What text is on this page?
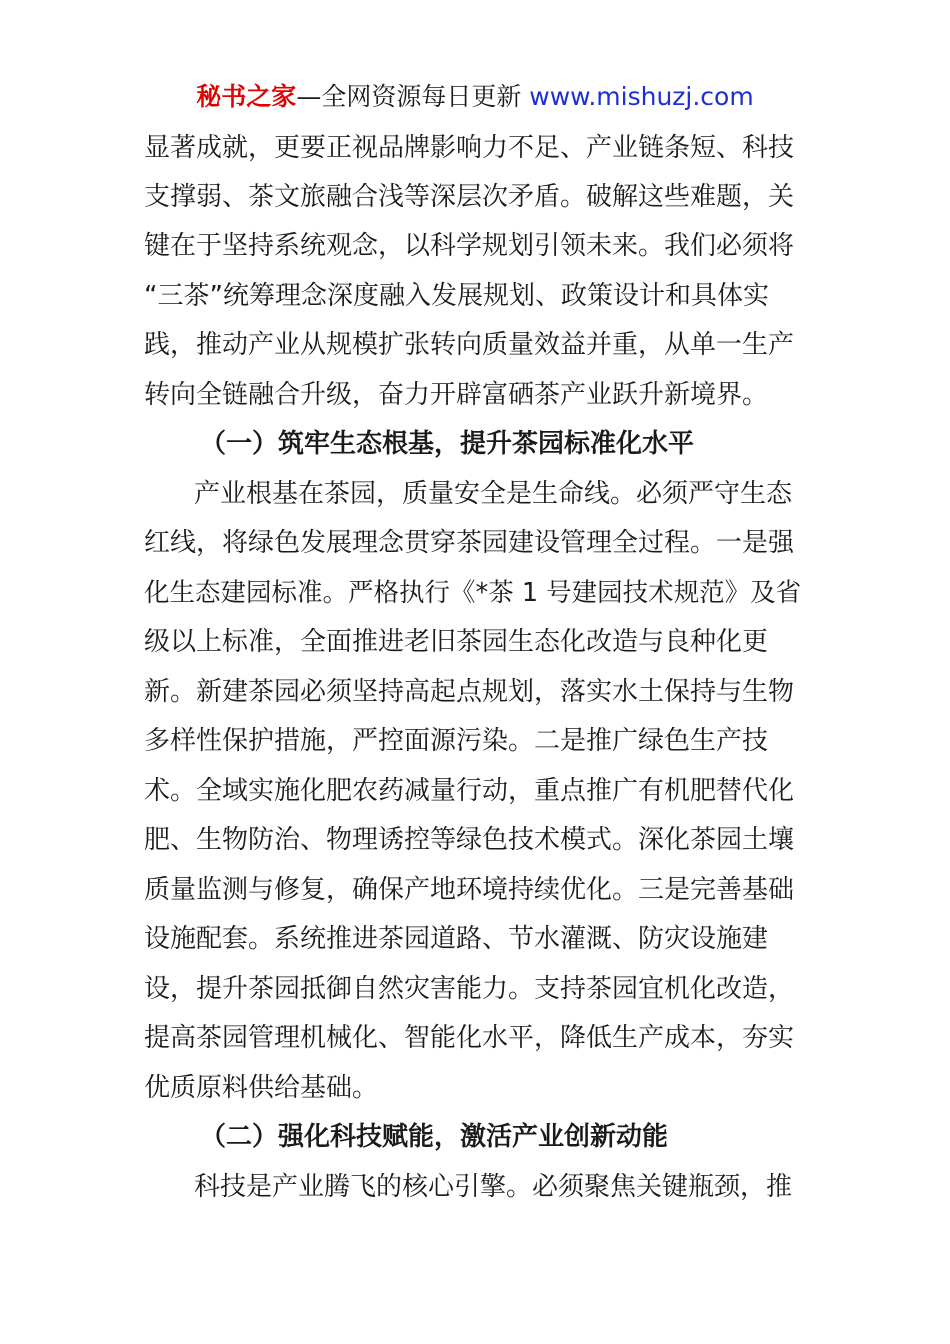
秘书之家—全网资源每日更新 www.mishuzj.com
显著成就，更要正视品牌影响力不足、产业链条短、科技
支撑弱、茶文旅融合浅等深层次矛盾。破解这些难题，关
键在于坚持系统观念，以科学规划引领未来。我们必须将
“三茶”统筹理念深度融入发展规划、政策设计和具体实
践，推动产业从规模扩张转向质量效益并重，从单一生产
转向全链融合升级，奋力开辟富硒茶产业跃升新境界。
（一）筑牢生态根基，提升茶园标准化水平
产业根基在茶园，质量安全是生命线。必须严守生态
红线，将绿色发展理念贯穿茶园建设管理全过程。一是强
化生态建园标准。严格执行《*茶 1 号建园技术规范》及省
级以上标准，全面推进老旧茶园生态化改造与良种化更
新。新建茶园必须坚持高起点规划，落实水土保持与生物
多样性保护措施，严控面源污染。二是推广绿色生产技
术。全域实施化肥农药减量行动，重点推广有机肥替代化
肥、生物防治、物理诱控等绿色技术模式。深化茶园土壤
质量监测与修复，确保产地环境持续优化。三是完善基础
设施配套。系统推进茶园道路、节水灌溉、防灾设施建
设，提升茶园抵御自然灾害能力。支持茶园宜机化改造，
提高茶园管理机械化、智能化水平，降低生产成本，夯实
优质原料供给基础。
（二）强化科技赋能，激活产业创新动能
科技是产业腾飞的核心引擎。必须聚焦关键瓶颈，推
